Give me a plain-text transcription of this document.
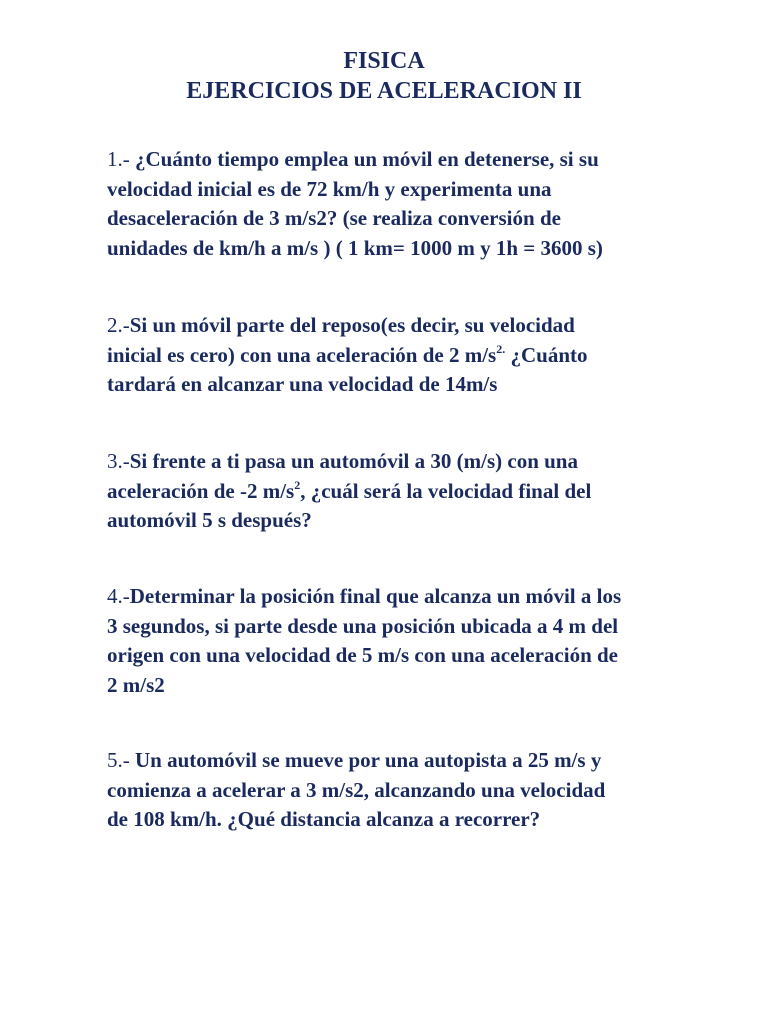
FISICA
EJERCICIOS DE ACELERACION II
1.- ¿Cuánto tiempo emplea un móvil en detenerse, si su
velocidad inicial es de 72 km/h y experimenta una
desaceleración de 3 m/s2? (se realiza conversión de
unidades de km/h a m/s ) ( 1 km= 1000 m y 1h = 3600 s)
2.-Si un móvil parte del reposo(es decir, su velocidad
inicial es cero) con una aceleración de 2 $m/s^{2.}$ ¿Cuánto
tardará en alcanzar una velocidad de 14m/s
3.-Si frente a ti pasa un automóvil a 30 (m/s) con una
aceleración de -2 $m/s^2$, ¿cuál será la velocidad final del
automóvil 5 s después?
4.-Determinar la posición final que alcanza un móvil a los
3 segundos, si parte desde una posición ubicada a 4 m del
origen con una velocidad de 5 m/s con una aceleración de
2 m/s2
5.- Un automóvil se mueve por una autopista a 25 m/s y
comienza a acelerar a 3 m/s2, alcanzando una velocidad
de 108 km/h. ¿Qué distancia alcanza a recorrer?
